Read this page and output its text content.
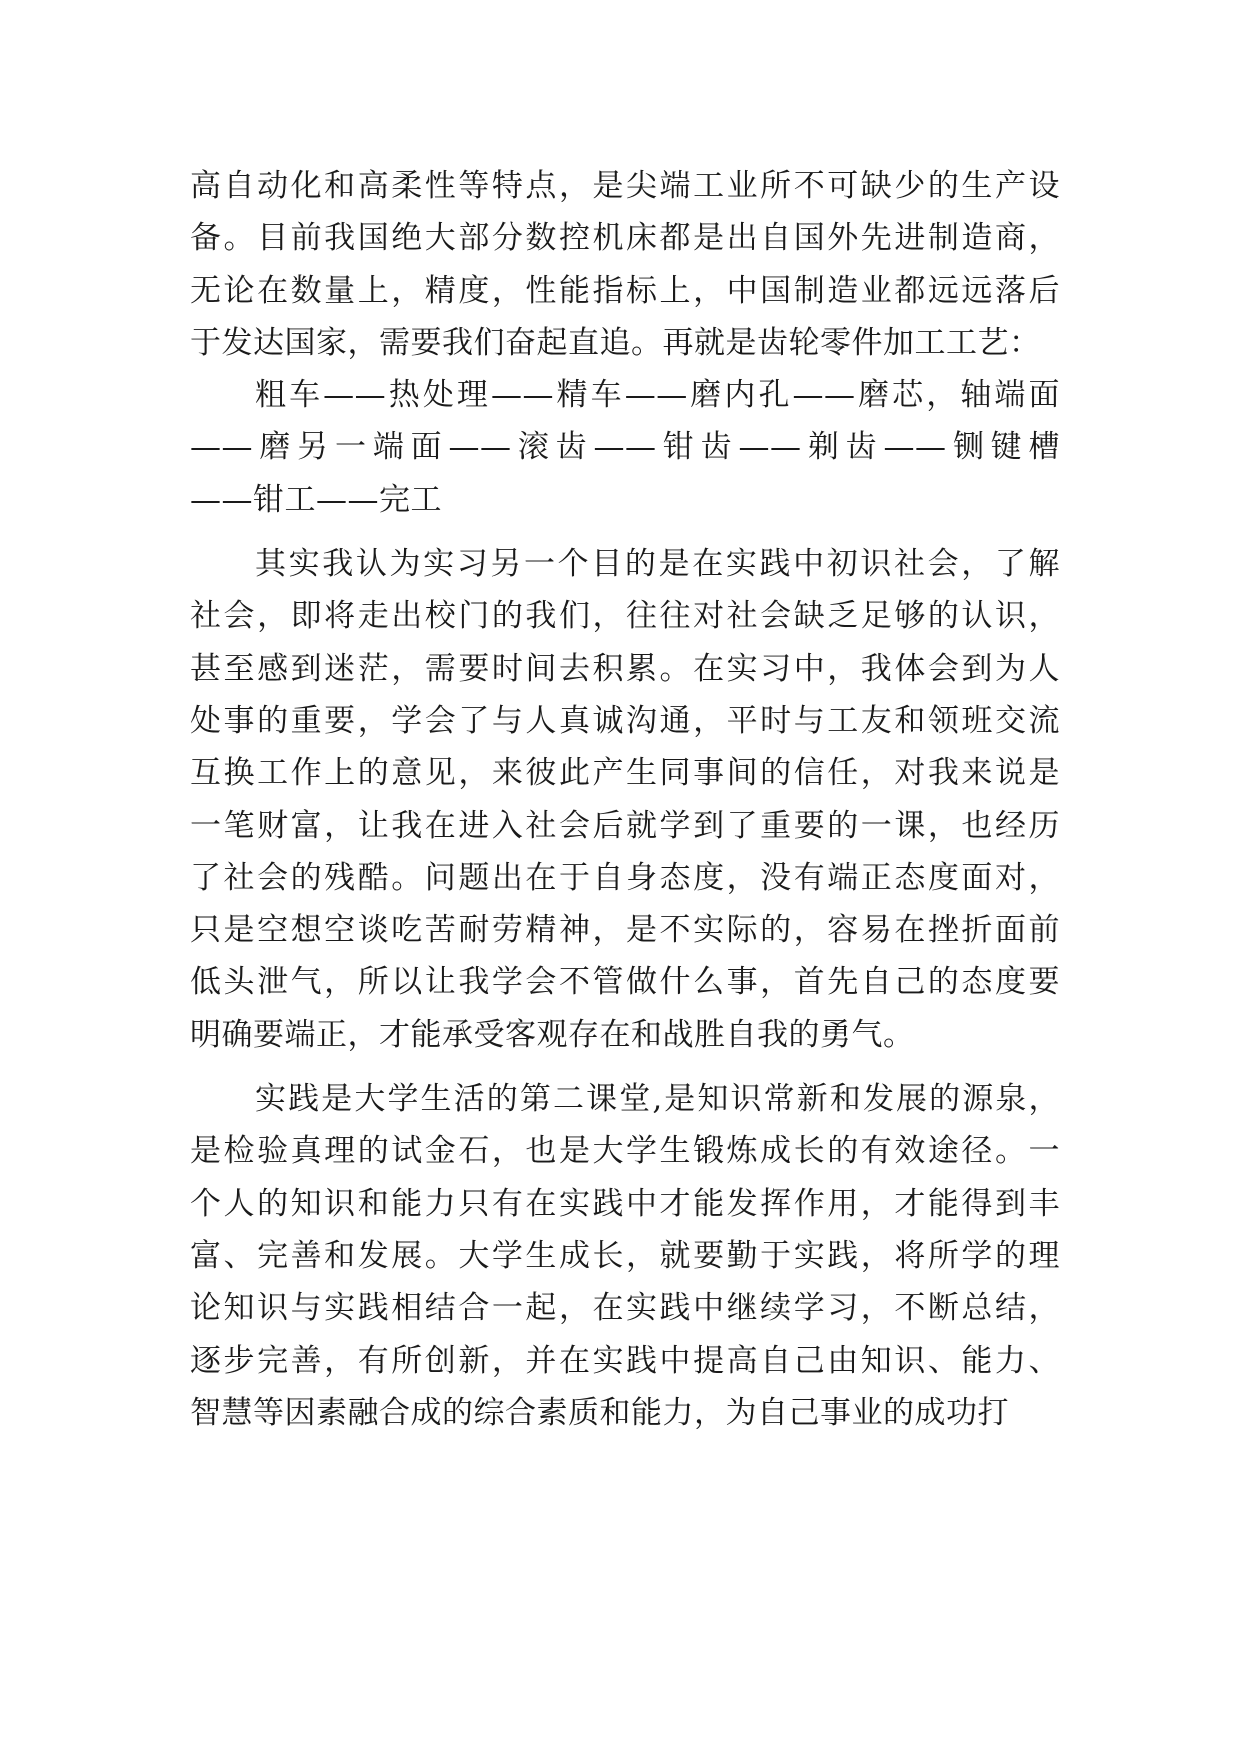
高自动化和高柔性等特点，是尖端工业所不可缺少的生产设
备。目前我国绝大部分数控机床都是出自国外先进制造商，
无论在数量上，精度，性能指标上，中国制造业都远远落后
于发达国家，需要我们奋起直追。再就是齿轮零件加工工艺：
粗车——热处理——精车——磨内孔——磨芯，轴端面
——磨另一端面——滚齿——钳齿——剃齿——铡键槽
——钳工——完工
其实我认为实习另一个目的是在实践中初识社会，了解
社会，即将走出校门的我们，往往对社会缺乏足够的认识，
甚至感到迷茫，需要时间去积累。在实习中，我体会到为人
处事的重要，学会了与人真诚沟通，平时与工友和领班交流
互换工作上的意见，来彼此产生同事间的信任，对我来说是
一笔财富，让我在进入社会后就学到了重要的一课，也经历
了社会的残酷。问题出在于自身态度，没有端正态度面对，
只是空想空谈吃苦耐劳精神，是不实际的，容易在挫折面前
低头泄气，所以让我学会不管做什么事，首先自己的态度要
明确要端正，才能承受客观存在和战胜自我的勇气。
实践是大学生活的第二课堂,是知识常新和发展的源泉，
是检验真理的试金石，也是大学生锻炼成长的有效途径。一
个人的知识和能力只有在实践中才能发挥作用，才能得到丰
富、完善和发展。大学生成长，就要勤于实践，将所学的理
论知识与实践相结合一起，在实践中继续学习，不断总结，
逐步完善，有所创新，并在实践中提高自己由知识、能力、
智慧等因素融合成的综合素质和能力，为自己事业的成功打
